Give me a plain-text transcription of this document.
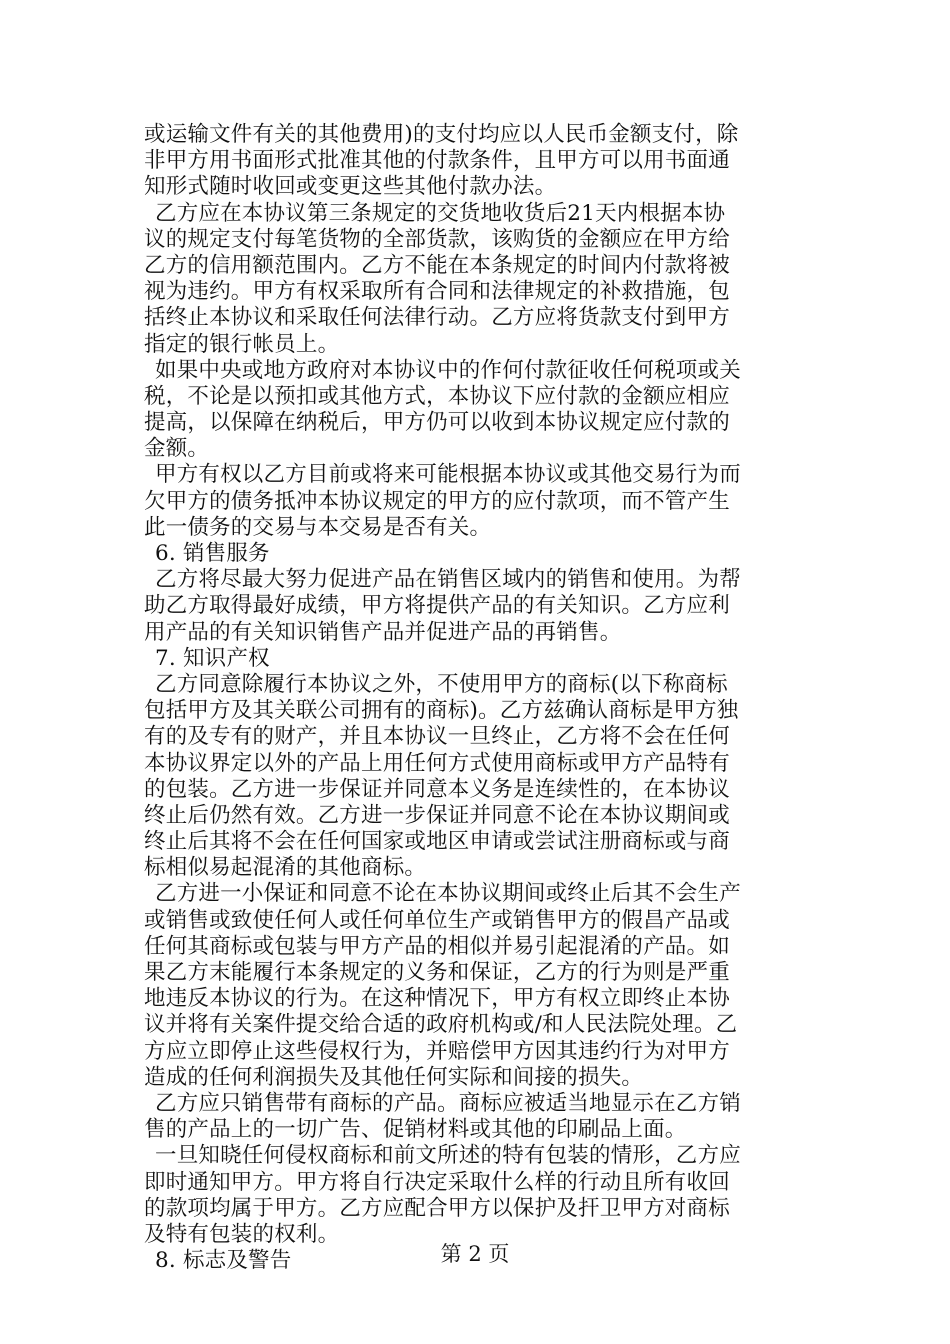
或运输文件有关的其他费用)的支付均应以人民币金额支付，除
非甲方用书面形式批准其他的付款条件，且甲方可以用书面通
知形式随时收回或变更这些其他付款办法。
乙方应在本协议第三条规定的交货地收货后21天内根据本协
议的规定支付每笔货物的全部货款，该购货的金额应在甲方给
乙方的信用额范围内。乙方不能在本条规定的时间内付款将被
视为违约。甲方有权采取所有合同和法律规定的补救措施，包
括终止本协议和采取任何法律行动。乙方应将货款支付到甲方
指定的银行帐员上。
如果中央或地方政府对本协议中的作何付款征收任何税项或关
税，不论是以预扣或其他方式，本协议下应付款的金额应相应
提高，以保障在纳税后，甲方仍可以收到本协议规定应付款的
金额。
甲方有权以乙方目前或将来可能根据本协议或其他交易行为而
欠甲方的债务抵冲本协议规定的甲方的应付款项，而不管产生
此一债务的交易与本交易是否有关。
6. 销售服务
乙方将尽最大努力促进产品在销售区域内的销售和使用。为帮
助乙方取得最好成绩，甲方将提供产品的有关知识。乙方应利
用产品的有关知识销售产品并促进产品的再销售。
7. 知识产权
乙方同意除履行本协议之外，不使用甲方的商标(以下称商标
包括甲方及其关联公司拥有的商标)。乙方兹确认商标是甲方独
有的及专有的财产，并且本协议一旦终止，乙方将不会在任何
本协议界定以外的产品上用任何方式使用商标或甲方产品特有
的包装。乙方进一步保证并同意本义务是连续性的，在本协议
终止后仍然有效。乙方进一步保证并同意不论在本协议期间或
终止后其将不会在任何国家或地区申请或尝试注册商标或与商
标相似易起混淆的其他商标。
乙方进一小保证和同意不论在本协议期间或终止后其不会生产
或销售或致使任何人或任何单位生产或销售甲方的假昌产品或
任何其商标或包装与甲方产品的相似并易引起混淆的产品。如
果乙方末能履行本条规定的义务和保证，乙方的行为则是严重
地违反本协议的行为。在这种情况下，甲方有权立即终止本协
议并将有关案件提交给合适的政府机构或/和人民法院处理。乙
方应立即停止这些侵权行为，并赔偿甲方因其违约行为对甲方
造成的任何利润损失及其他任何实际和间接的损失。
乙方应只销售带有商标的产品。商标应被适当地显示在乙方销
售的产品上的一切广告、促销材料或其他的印刷品上面。
一旦知晓任何侵权商标和前文所述的特有包装的情形，乙方应
即时通知甲方。甲方将自行决定采取什么样的行动且所有收回
的款项均属于甲方。乙方应配合甲方以保护及扞卫甲方对商标
及特有包装的权利。
8. 标志及警告	第 2 页
